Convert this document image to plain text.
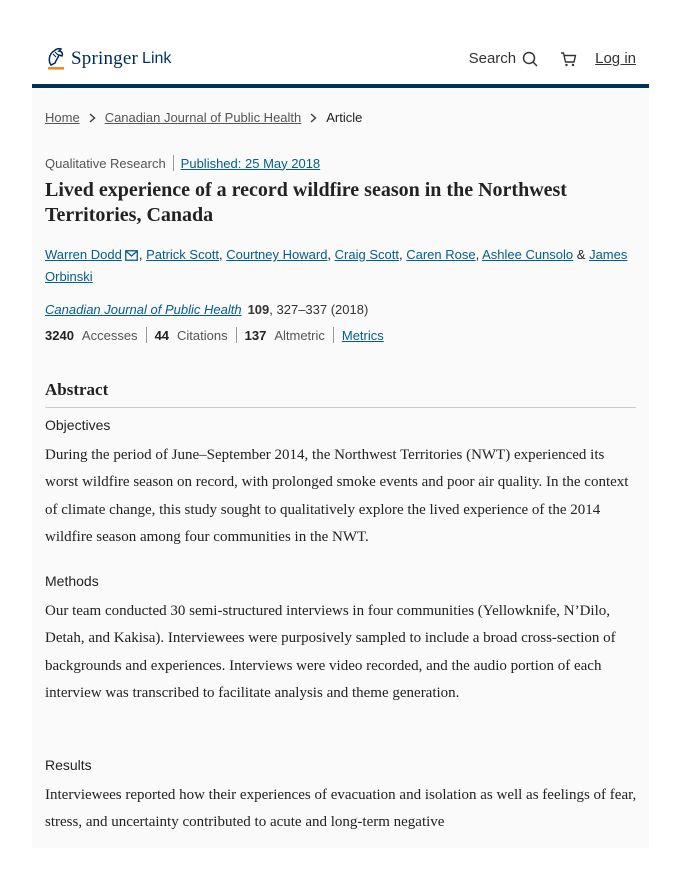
Springer Link	Search	Log in
Home Canadian Journal of Public Health Article
Qualitative Research Published: 25 May 2018
Lived experience of a record wildfire season in the Northwest Territories, Canada
Warren Dodd , Patrick Scott, Courtney Howard, Craig Scott, Caren Rose, Ashlee Cunsolo & James Orbinski
Canadian Journal of Public Health 109, 327–337 (2018)
3240 Accesses 44 Citations 137 Altmetric Metrics
Abstract
Objectives

During the period of June–September 2014, the Northwest Territories (NWT) experienced its worst wildfire season on record, with prolonged smoke events and poor air quality. In the context of climate change, this study sought to qualitatively explore the lived experience of the 2014 wildfire season among four communities in the NWT.

Methods

Our team conducted 30 semi-structured interviews in four communities (Yellowknife, N’Dilo, Detah, and Kakisa). Interviewees were purposively sampled to include a broad cross-section of backgrounds and experiences. Interviews were video recorded, and the audio portion of each interview was transcribed to facilitate analysis and theme generation.

Results

Interviewees reported how their experiences of evacuation and isolation as well as feelings of fear, stress, and uncertainty contributed to acute and long-term negative
